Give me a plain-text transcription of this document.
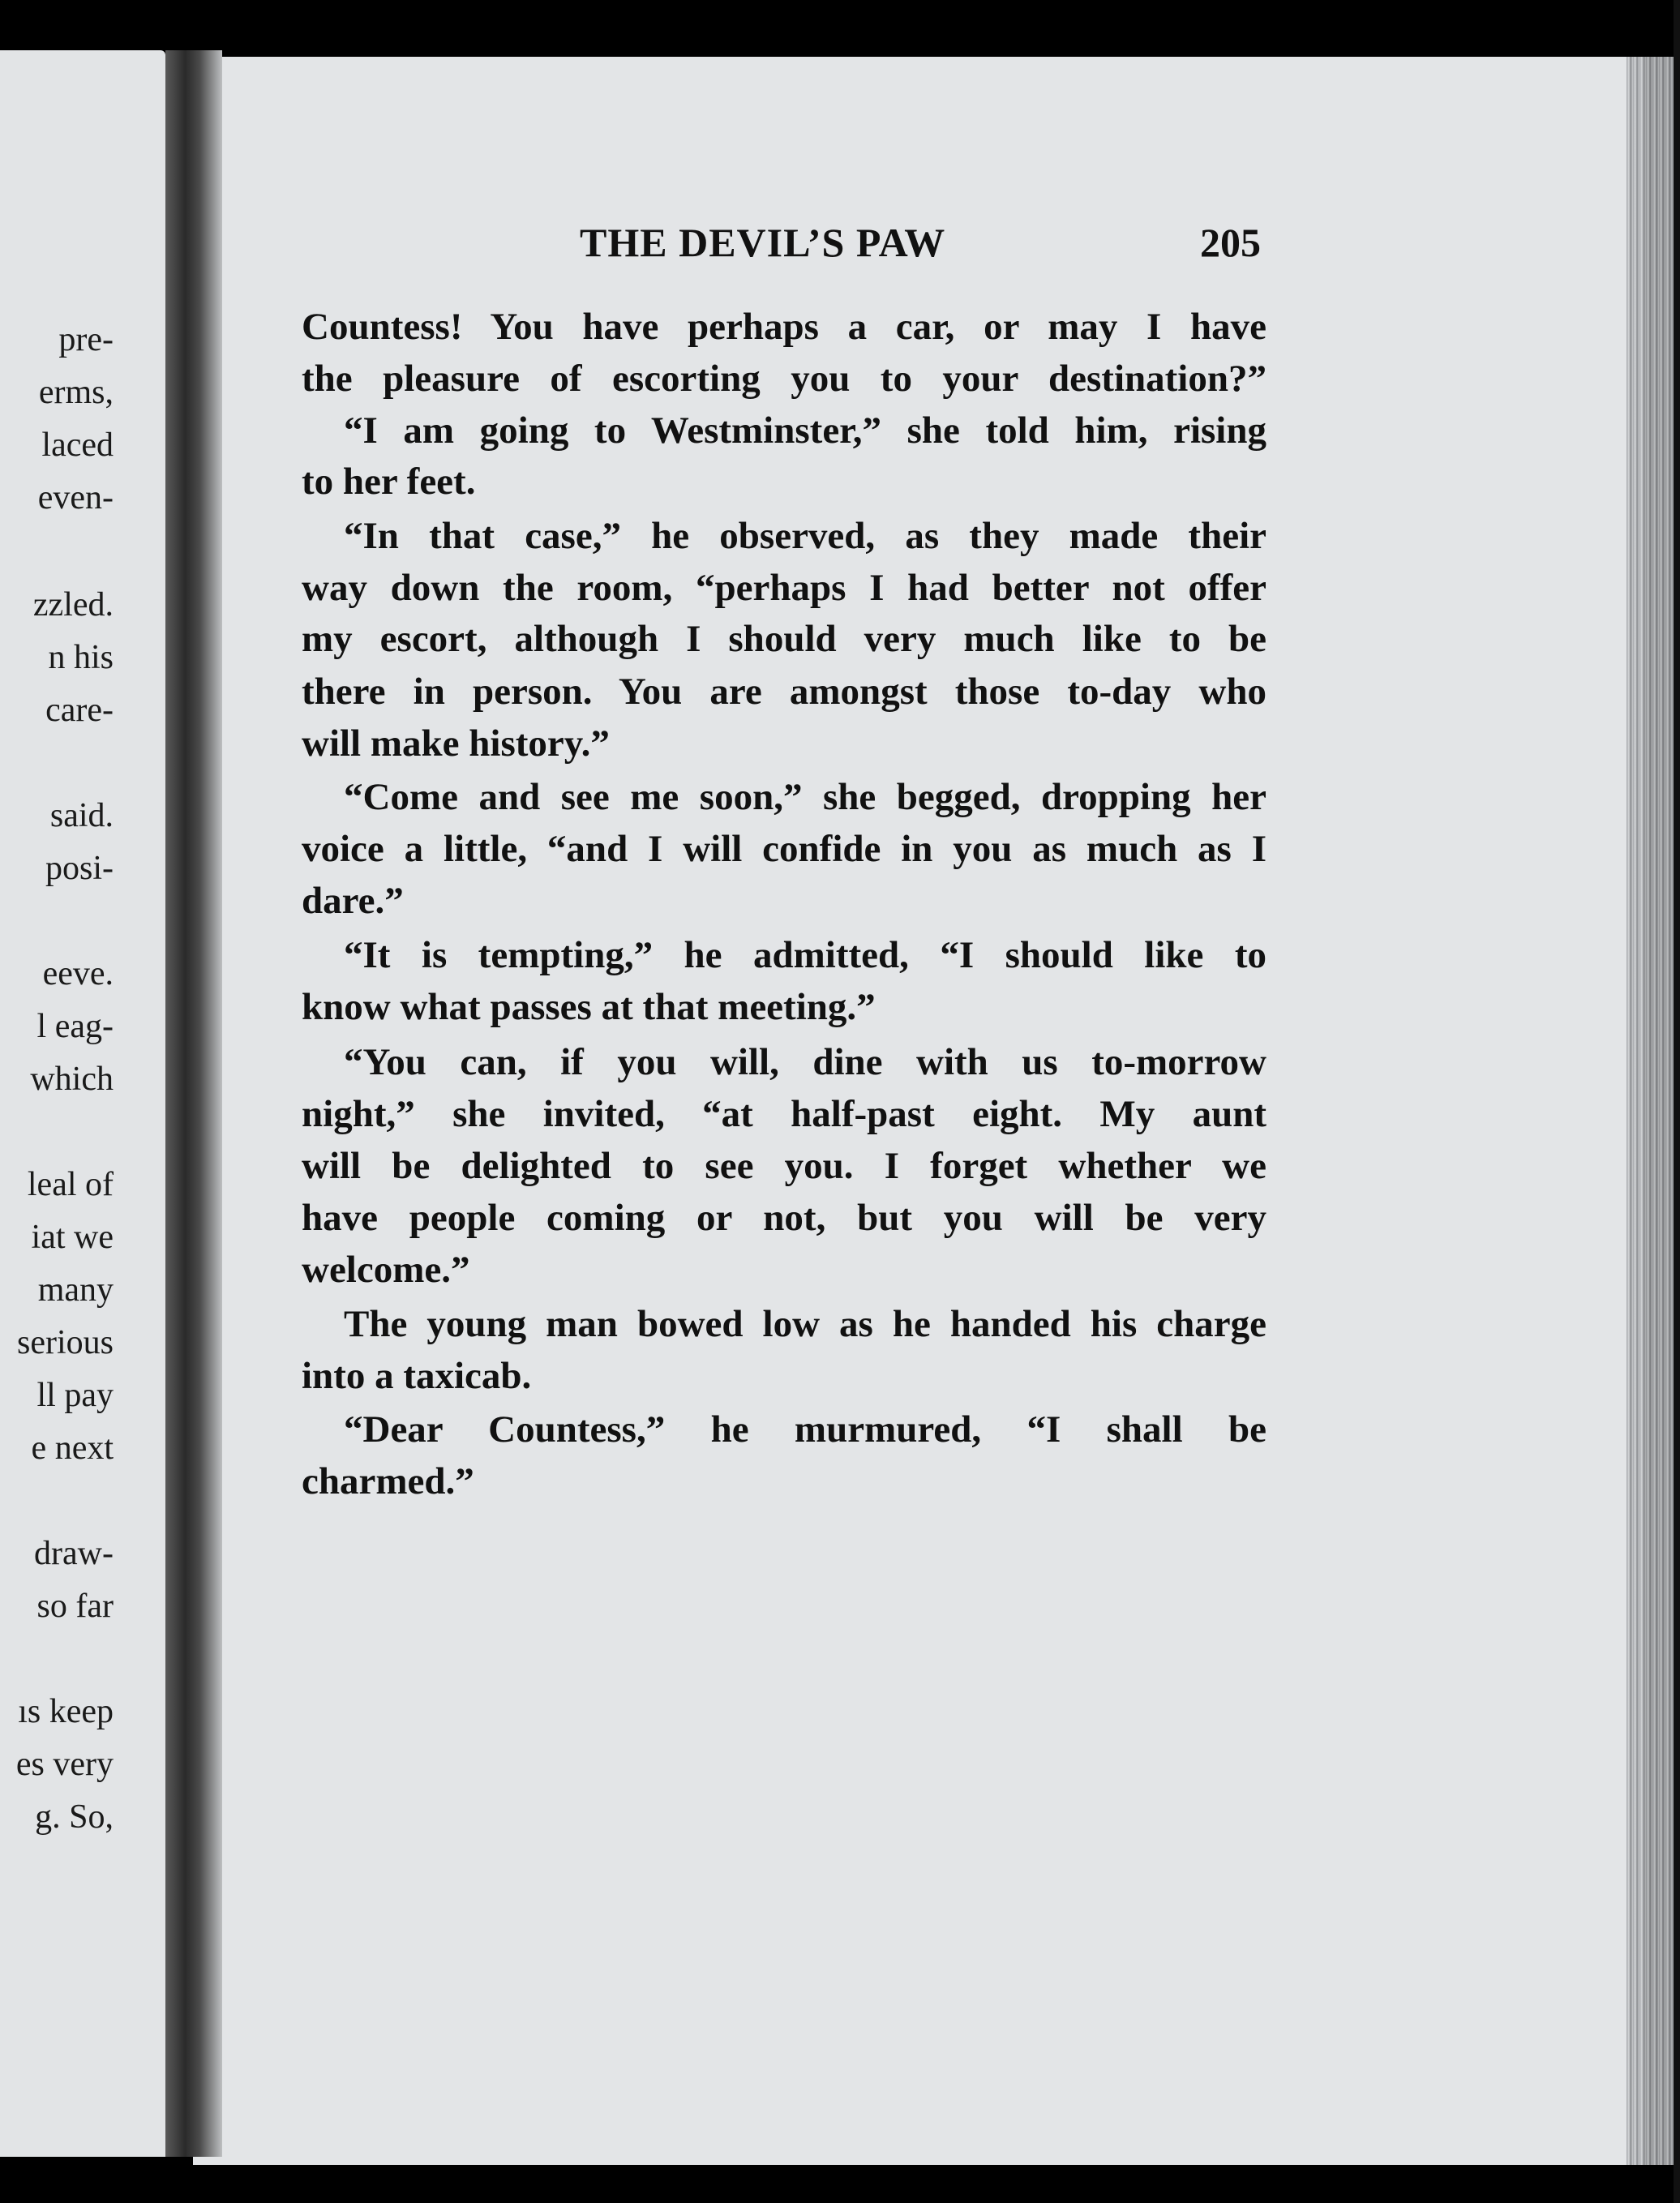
pre-
erms,
laced
even-
zzled.
n his
care-
said.
posi-
eeve.
l eag-
which
leal of
iat we
many
serious
ll pay
e next
draw-
so far
ıs keep
es very
g. So,
THE DEVIL’S PAW	205
Countess! You have perhaps a car, or may I have
the pleasure of escorting you to your destination?”
“I am going to Westminster,” she told him, rising
to her feet.
“In that case,” he observed, as they made their
way down the room, “perhaps I had better not offer
my escort, although I should very much like to be
there in person. You are amongst those to-day who
will make history.”
“Come and see me soon,” she begged, dropping her
voice a little, “and I will confide in you as much as I
dare.”
“It is tempting,” he admitted, “I should like to
know what passes at that meeting.”
“You can, if you will, dine with us to-morrow
night,” she invited, “at half-past eight. My aunt
will be delighted to see you. I forget whether we
have people coming or not, but you will be very
welcome.”
The young man bowed low as he handed his charge
into a taxicab.
“Dear Countess,” he murmured, “I shall be
charmed.”
